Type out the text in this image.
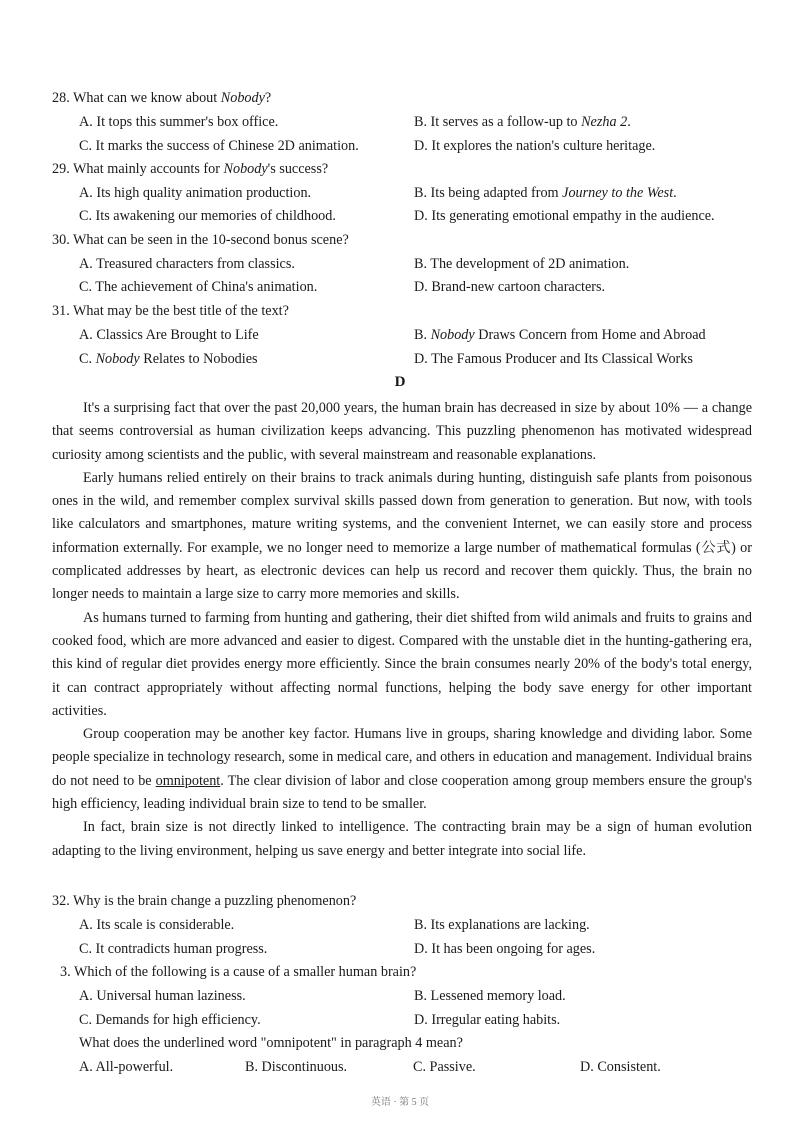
28. What can we know about Nobody?
A. It tops this summer's box office.	B. It serves as a follow-up to Nezha 2.
C. It marks the success of Chinese 2D animation.	D. It explores the nation's culture heritage.
29. What mainly accounts for Nobody's success?
A. Its high quality animation production.	B. Its being adapted from Journey to the West.
C. Its awakening our memories of childhood.	D. Its generating emotional empathy in the audience.
30. What can be seen in the 10-second bonus scene?
A. Treasured characters from classics.	B. The development of 2D animation.
C. The achievement of China's animation.	D. Brand-new cartoon characters.
31. What may be the best title of the text?
A. Classics Are Brought to Life	B. Nobody Draws Concern from Home and Abroad
C. Nobody Relates to Nobodies	D. The Famous Producer and Its Classical Works
D

It's a surprising fact that over the past 20,000 years, the human brain has decreased in size by about 10% — a change that seems controversial as human civilization keeps advancing. This puzzling phenomenon has motivated widespread curiosity among scientists and the public, with several mainstream and reasonable explanations.

Early humans relied entirely on their brains to track animals during hunting, distinguish safe plants from poisonous ones in the wild, and remember complex survival skills passed down from generation to generation. But now, with tools like calculators and smartphones, mature writing systems, and the convenient Internet, we can easily store and process information externally. For example, we no longer need to memorize a large number of mathematical formulas (公式) or complicated addresses by heart, as electronic devices can help us record and recover them quickly. Thus, the brain no longer needs to maintain a large size to carry more memories and skills.

As humans turned to farming from hunting and gathering, their diet shifted from wild animals and fruits to grains and cooked food, which are more advanced and easier to digest. Compared with the unstable diet in the hunting-gathering era, this kind of regular diet provides energy more efficiently. Since the brain consumes nearly 20% of the body's total energy, it can contract appropriately without affecting normal functions, helping the body save energy for other important activities.

Group cooperation may be another key factor. Humans live in groups, sharing knowledge and dividing labor. Some people specialize in technology research, some in medical care, and others in education and management. Individual brains do not need to be omnipotent. The clear division of labor and close cooperation among group members ensure the group's high efficiency, leading individual brain size to tend to be smaller.

In fact, brain size is not directly linked to intelligence. The contracting brain may be a sign of human evolution adapting to the living environment, helping us save energy and better integrate into social life.

32. Why is the brain change a puzzling phenomenon?
A. Its scale is considerable.	B. Its explanations are lacking.
C. It contradicts human progress.	D. It has been ongoing for ages.
3. Which of the following is a cause of a smaller human brain?
A. Universal human laziness.	B. Lessened memory load.
C. Demands for high efficiency.	D. Irregular eating habits.
What does the underlined word "omnipotent" in paragraph 4 mean?
A. All-powerful.	B. Discontinuous.	C. Passive.	D. Consistent.
英语 · 第 5 页
